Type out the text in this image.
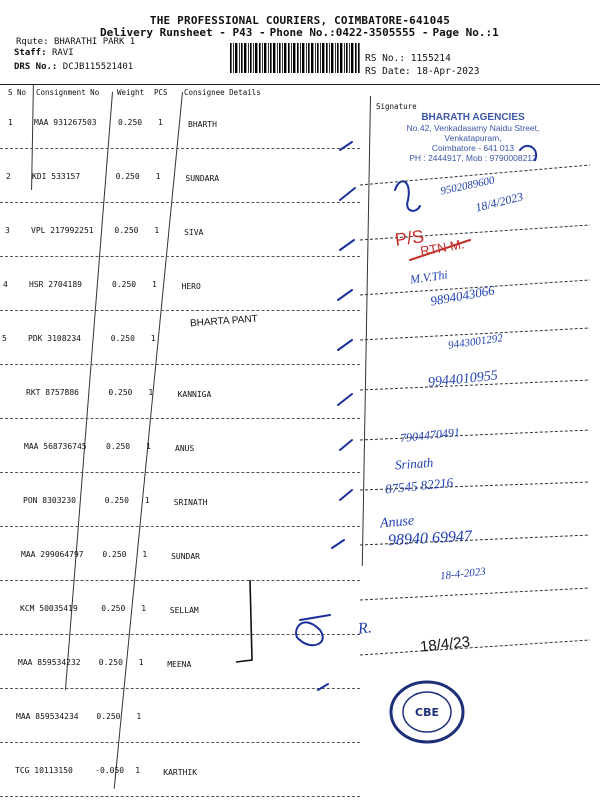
THE PROFESSIONAL COURIERS, COIMBATORE-641045
Delivery Runsheet - P43 - Phone No.:0422-3505555 - Page No.:1
Rqute: BHARATHI PARK 1
Staff: RAVI
DRS No.: DCJB115521401
RS No.: 1155214
RS Date: 18-Apr-2023
S No Consignment No Weight PCS Consignee Details
Signature
1	MAA 931267503	0.250 1	BHARTH
2	KDI 533157	0.250 1	SUNDARA
3	VPL 217992251	0.250 1	SIVA
4	HSR 2704189	0.250 1	HERO
5	PDK 3108234	0.250 1
RKT 8757886	0.250 1	KANNIGA
MAA 568736745 0.250 1	ANUS
PON 8303230	0.250 1	SRINATH
MAA 299064797 0.250 1	SUNDAR
KCM 50035419	0.250 1	SELLAM
MAA 859534232 0.250 1	MEENA
MAA 859534234 0.250 1
TCG 10113150	-0.050 1	KARTHIK
BHARATH AGENCIES
No.42, Venkadasamy Naidu Street,
Venkatapuram,
Coimbatore - 641 013
PH : 2444917, Mob : 9790008212
9502089600
18/4/2023
P/S
RTN M.
M.V.Thi
9894043066
BHARTA PANT
9443001292
9944010955
7904470491
Srinath
87545 82216
Anuse
98940 69947
18-4-2023
R.
18/4/23
CBE
